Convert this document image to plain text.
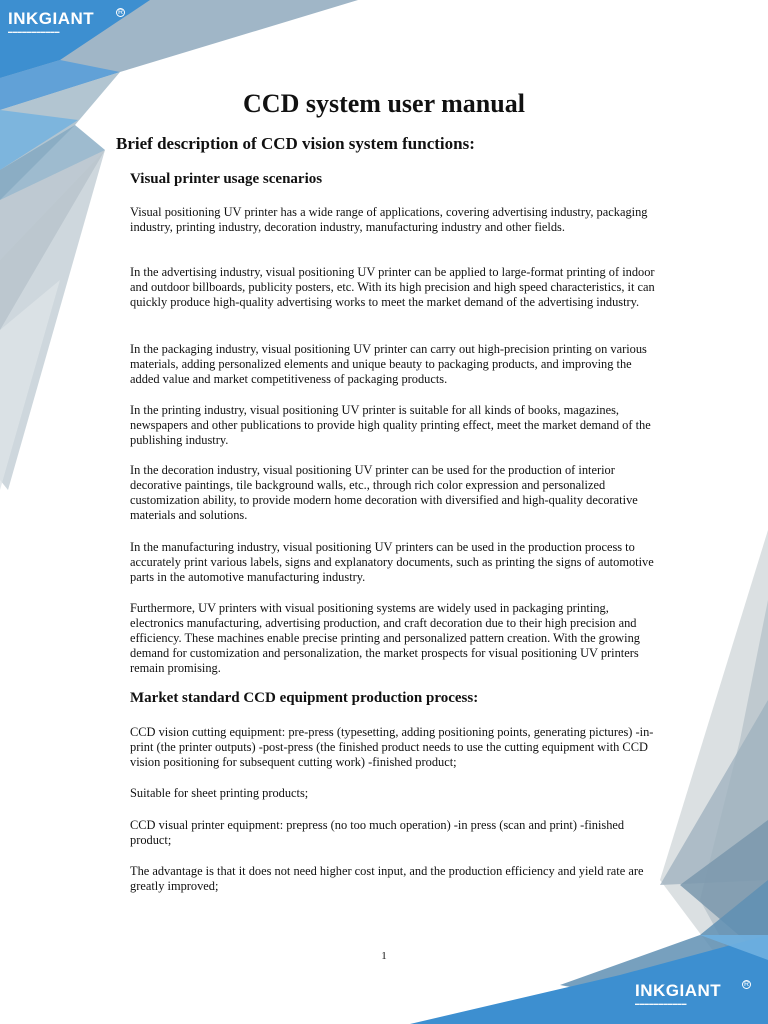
INKGIANT	R
▬▬▬▬▬▬▬▬▬▬▬
INKGIANT	R
▬▬▬▬▬▬▬▬▬▬▬
CCD system user manual
Brief description of CCD vision system functions:
Visual printer usage scenarios

Visual positioning UV printer has a wide range of applications, covering advertising industry, packaging industry, printing industry, decoration industry, manufacturing industry and other fields.

In the advertising industry, visual positioning UV printer can be applied to large-format printing of indoor and outdoor billboards, publicity posters, etc. With its high precision and high speed characteristics, it can quickly produce high-quality advertising works to meet the market demand of the advertising industry.

In the packaging industry, visual positioning UV printer can carry out high-precision printing on various materials, adding personalized elements and unique beauty to packaging products, and improving the added value and market competitiveness of packaging products.

In the printing industry, visual positioning UV printer is suitable for all kinds of books, magazines, newspapers and other publications to provide high quality printing effect, meet the market demand of the publishing industry.

In the decoration industry, visual positioning UV printer can be used for the production of interior decorative paintings, tile background walls, etc., through rich color expression and personalized customization ability, to provide modern home decoration with diversified and high-quality decorative materials and solutions.

In the manufacturing industry, visual positioning UV printers can be used in the production process to accurately print various labels, signs and explanatory documents, such as printing the signs of automotive parts in the automotive manufacturing industry.

Furthermore, UV printers with visual positioning systems are widely used in packaging printing, electronics manufacturing, advertising production, and craft decoration due to their high precision and efficiency. These machines enable precise printing and personalized pattern creation. With the growing demand for customization and personalization, the market prospects for visual positioning UV printers remain promising.

Market standard CCD equipment production process:

CCD vision cutting equipment: pre-press (typesetting, adding positioning points, generating pictures) -in-print (the printer outputs) -post-press (the finished product needs to use the cutting equipment with CCD vision positioning for subsequent cutting work) -finished product;

Suitable for sheet printing products;

CCD visual printer equipment: prepress (no too much operation) -in press (scan and print) -finished product;

The advantage is that it does not need higher cost input, and the production efficiency and yield rate are greatly improved;

1
